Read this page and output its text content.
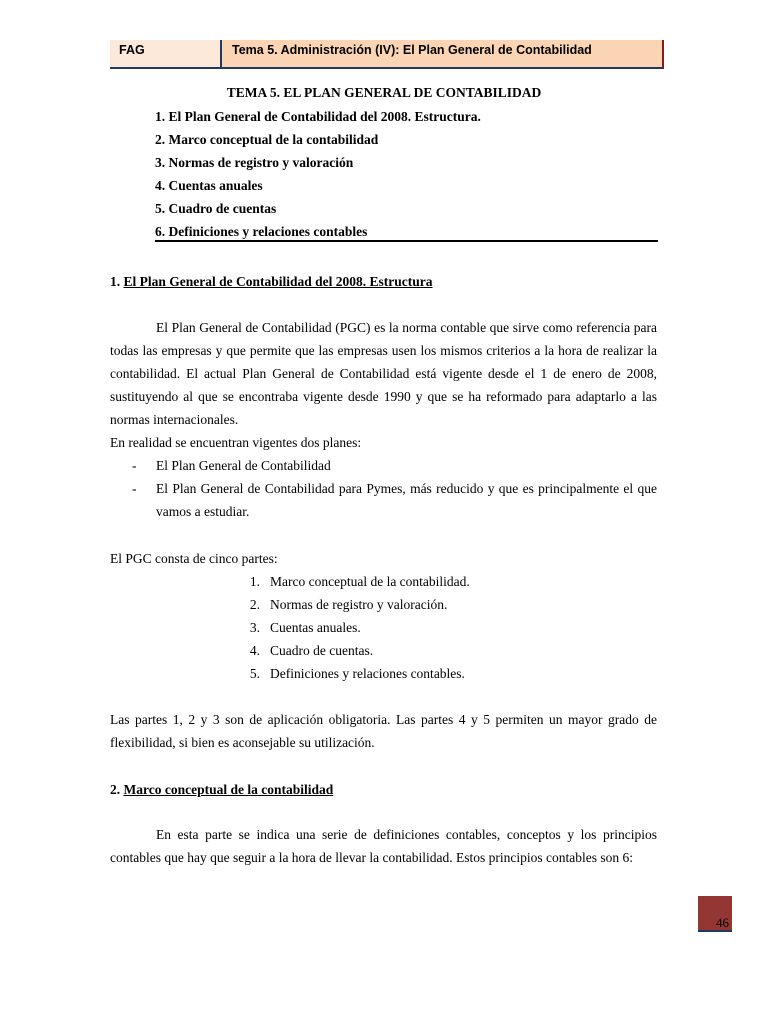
FAG	Tema 5. Administración (IV): El Plan General de Contabilidad
TEMA 5. EL PLAN GENERAL DE CONTABILIDAD
1. El Plan General de Contabilidad del 2008. Estructura.
2. Marco conceptual de la contabilidad
3. Normas de registro y valoración
4. Cuentas anuales
5. Cuadro de cuentas
6. Definiciones y relaciones contables
1. El Plan General de Contabilidad del 2008. Estructura
El Plan General de Contabilidad (PGC) es la norma contable que sirve como referencia para todas las empresas y que permite que las empresas usen los mismos criterios a la hora de realizar la contabilidad. El actual Plan General de Contabilidad está vigente desde el 1 de enero de 2008, sustituyendo al que se encontraba vigente desde 1990 y que se ha reformado para adaptarlo a las normas internacionales.
En realidad se encuentran vigentes dos planes:
- El Plan General de Contabilidad
- El Plan General de Contabilidad para Pymes, más reducido y que es principalmente el que vamos a estudiar.
El PGC consta de cinco partes:
1. Marco conceptual de la contabilidad.
2. Normas de registro y valoración.
3. Cuentas anuales.
4. Cuadro de cuentas.
5. Definiciones y relaciones contables.
Las partes 1, 2 y 3 son de aplicación obligatoria. Las partes 4 y 5 permiten un mayor grado de flexibilidad, si bien es aconsejable su utilización.
2. Marco conceptual de la contabilidad
En esta parte se indica una serie de definiciones contables, conceptos y los principios contables que hay que seguir a la hora de llevar la contabilidad. Estos principios contables son 6:
46
